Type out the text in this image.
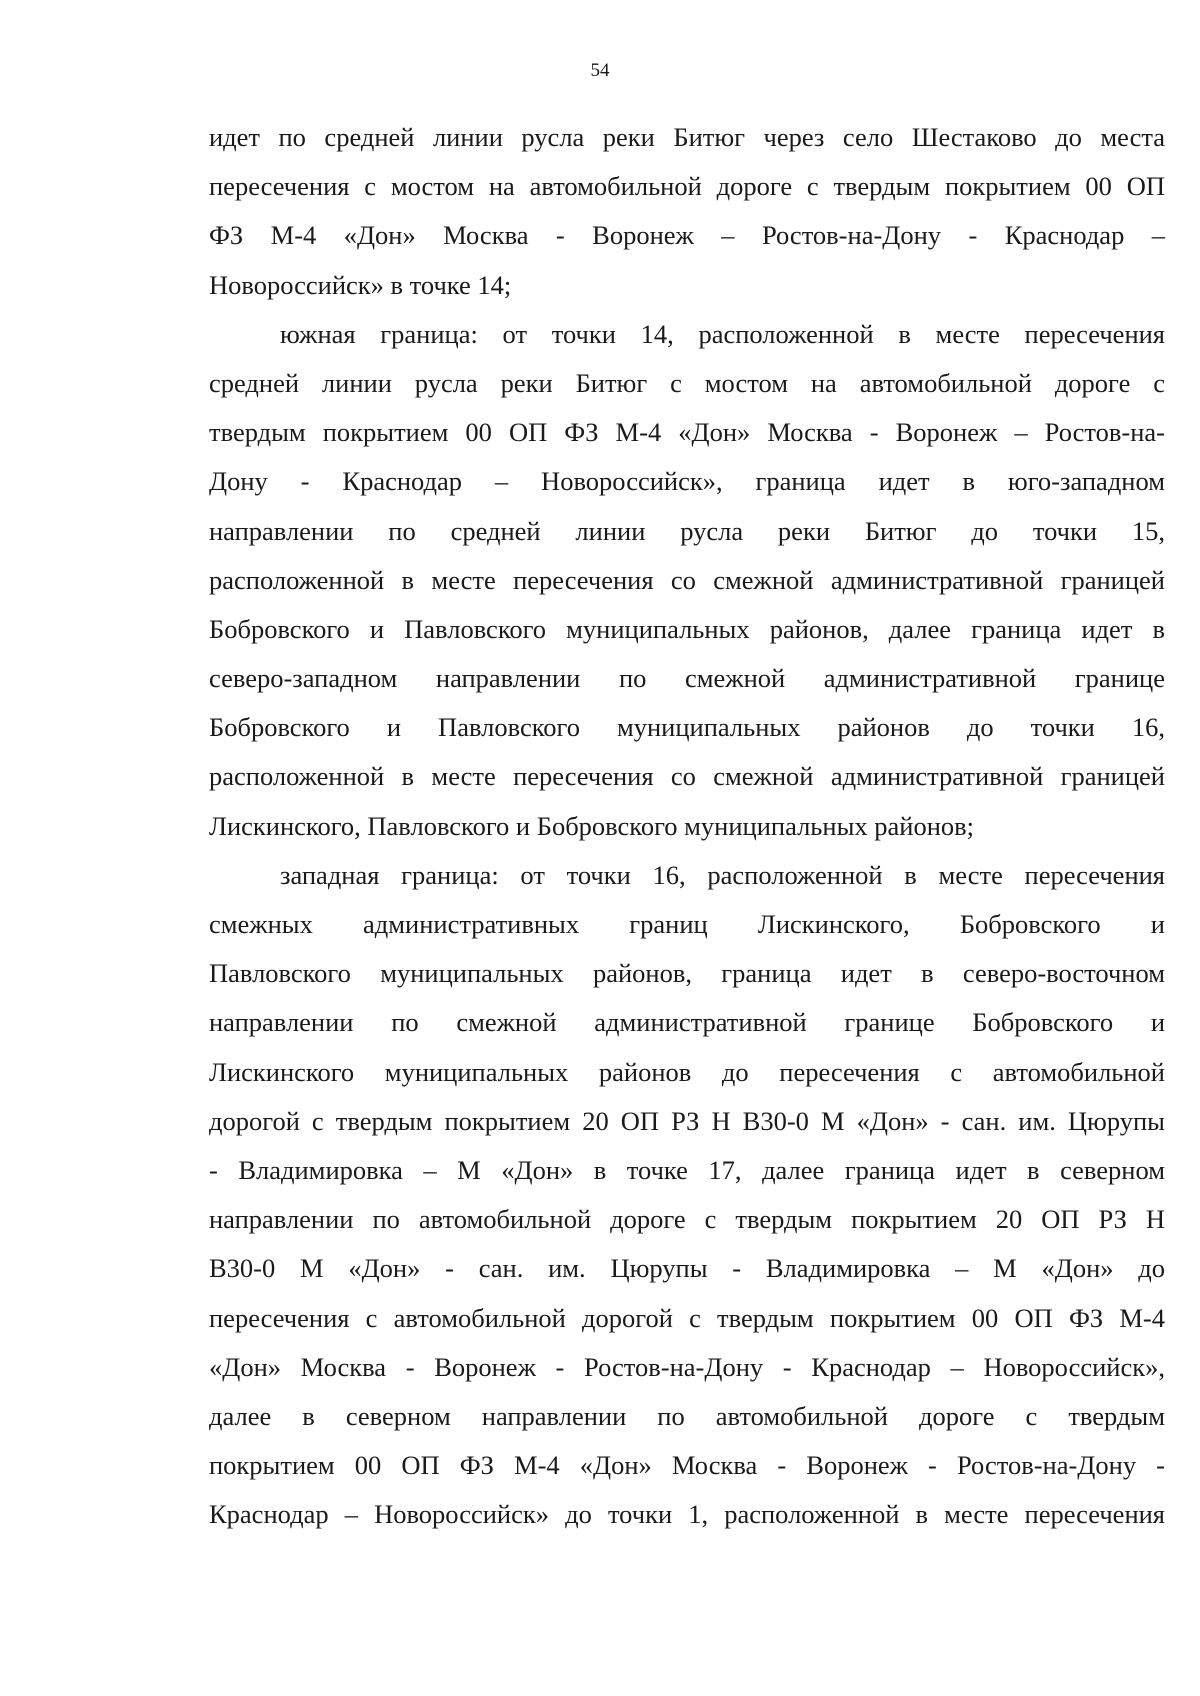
54
идет по средней линии русла реки Битюг через село Шестаково до места
пересечения с мостом на автомобильной дороге с твердым покрытием 00 ОП
ФЗ М-4 «Дон» Москва - Воронеж – Ростов-на-Дону - Краснодар –
Новороссийск» в точке 14;
южная граница: от точки 14, расположенной в месте пересечения
средней линии русла реки Битюг с мостом на автомобильной дороге с
твердым покрытием 00 ОП ФЗ М-4 «Дон» Москва - Воронеж – Ростов-на-
Дону - Краснодар – Новороссийск», граница идет в юго-западном
направлении по средней линии русла реки Битюг до точки 15,
расположенной в месте пересечения со смежной административной границей
Бобровского и Павловского муниципальных районов, далее граница идет в
северо-западном направлении по смежной административной границе
Бобровского и Павловского муниципальных районов до точки 16,
расположенной в месте пересечения со смежной административной границей
Лискинского, Павловского и Бобровского муниципальных районов;
западная граница: от точки 16, расположенной в месте пересечения
смежных административных границ Лискинского, Бобровского и
Павловского муниципальных районов, граница идет в северо-восточном
направлении по смежной административной границе Бобровского и
Лискинского муниципальных районов до пересечения с автомобильной
дорогой с твердым покрытием 20 ОП РЗ Н В30-0 М «Дон» - сан. им. Цюрупы
- Владимировка – М «Дон» в точке 17, далее граница идет в северном
направлении по автомобильной дороге с твердым покрытием 20 ОП РЗ Н
В30-0 М «Дон» - сан. им. Цюрупы - Владимировка – М «Дон» до
пересечения с автомобильной дорогой с твердым покрытием 00 ОП ФЗ М-4
«Дон» Москва - Воронеж - Ростов-на-Дону - Краснодар – Новороссийск»,
далее в северном направлении по автомобильной дороге с твердым
покрытием 00 ОП ФЗ М-4 «Дон» Москва - Воронеж - Ростов-на-Дону -
Краснодар – Новороссийск» до точки 1, расположенной в месте пересечения
